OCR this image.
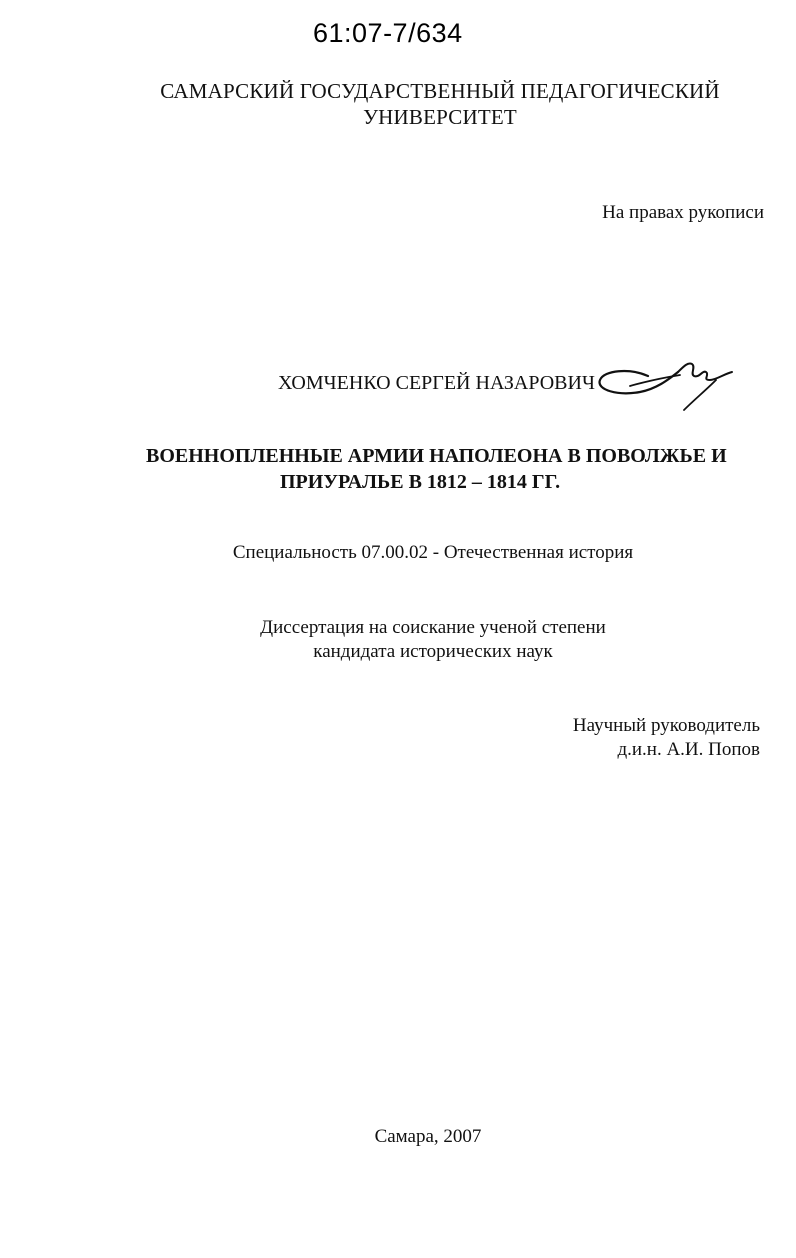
61:07-7/634
САМАРСКИЙ ГОСУДАРСТВЕННЫЙ ПЕДАГОГИЧЕСКИЙ
УНИВЕРСИТЕТ
На правах рукописи
ХОМЧЕНКО СЕРГЕЙ НАЗАРОВИЧ
ВОЕННОПЛЕННЫЕ АРМИИ НАПОЛЕОНА В ПОВОЛЖЬЕ И
ПРИУРАЛЬЕ В 1812 – 1814 ГГ.
Специальность 07.00.02 - Отечественная история
Диссертация на соискание ученой степени
кандидата исторических наук
Научный руководитель
д.и.н. А.И. Попов
Самара, 2007
